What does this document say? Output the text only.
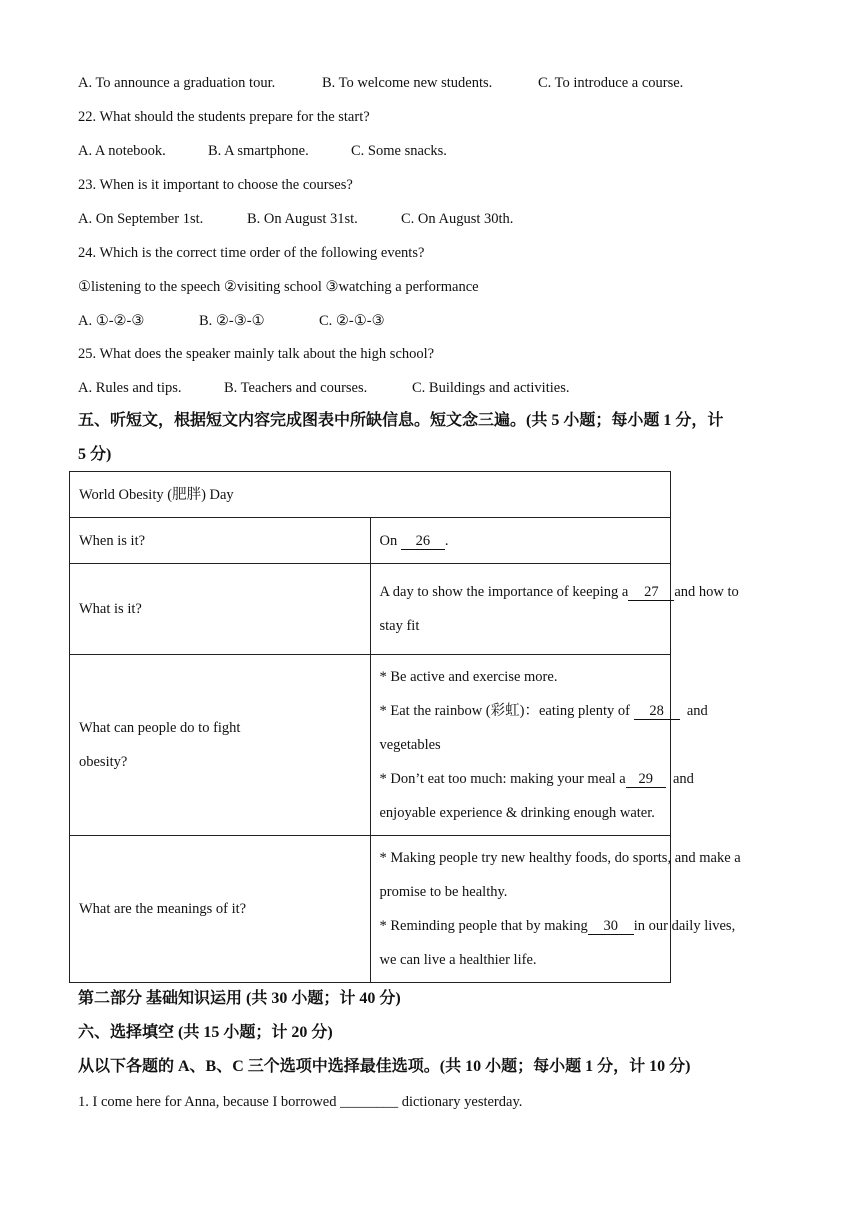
A. To announce a graduation tour.	B. To welcome new students.	C. To introduce a course.
22. What should the students prepare for the start?
A. A notebook.	B. A smartphone.	C. Some snacks.
23. When is it important to choose the courses?
A. On September 1st.	B. On August 31st.	C. On August 30th.
24. Which is the correct time order of the following events?
①listening to the speech ②visiting school ③watching a performance
A. ①-②-③	B. ②-③-①	C. ②-①-③
25. What does the speaker mainly talk about the high school?
A. Rules and tips.	B. Teachers and courses.	C. Buildings and activities.
五、听短文，根据短文内容完成图表中所缺信息。短文念三遍。(共 5 小题；每小题 1 分，计
5 分)
World Obesity (肥胖) Day	
When is it?	On 26 .
What is it?	A day to show the importance of keeping a 27 and how to
stay fit

What can people do to fight
obesity?	* Be active and exercise more.
* Eat the rainbow (彩虹)：eating plenty of 28 and
vegetables
* Don’t eat too much: making your meal a 29 and
enjoyable experience & drinking enough water.

What are the meanings of it?	* Making people try new healthy foods, do sports, and make a
promise to be healthy.
* Reminding people that by making 30 in our daily lives,
we can live a healthier life.
第二部分 基础知识运用 (共 30 小题；计 40 分)
六、选择填空 (共 15 小题；计 20 分)
从以下各题的 A、B、C 三个选项中选择最佳选项。(共 10 小题；每小题 1 分，计 10 分)
1. I come here for Anna, because I borrowed ________ dictionary yesterday.
